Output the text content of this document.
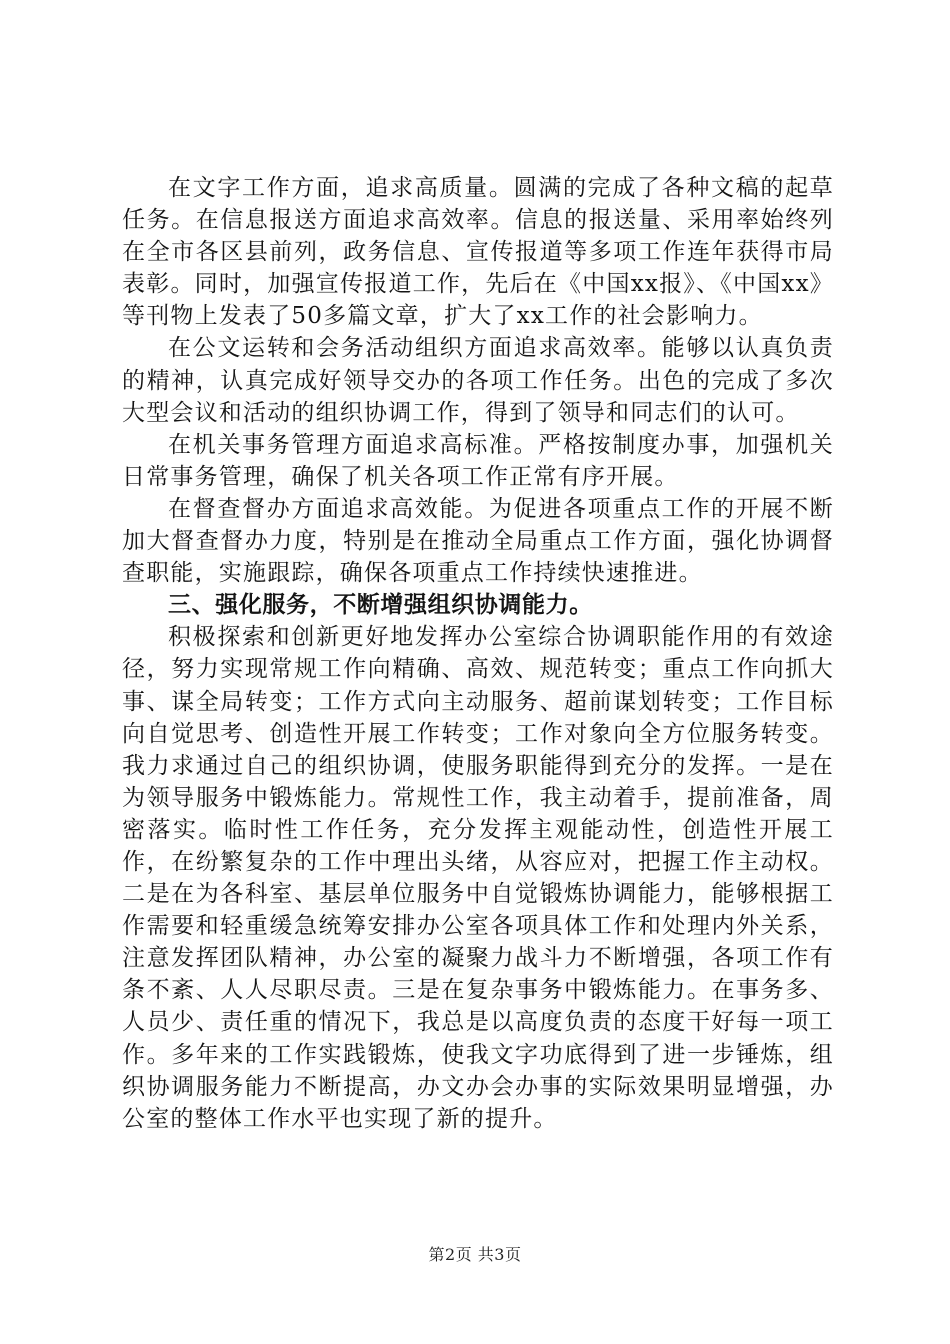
在文字工作方面，追求高质量。圆满的完成了各种文稿的起草任务。在信息报送方面追求高效率。信息的报送量、采用率始终列在全市各区县前列，政务信息、宣传报道等多项工作连年获得市局表彰。同时，加强宣传报道工作，先后在《中国xx报》、《中国xx》等刊物上发表了50多篇文章，扩大了xx工作的社会影响力。

在公文运转和会务活动组织方面追求高效率。能够以认真负责的精神，认真完成好领导交办的各项工作任务。出色的完成了多次大型会议和活动的组织协调工作，得到了领导和同志们的认可。

在机关事务管理方面追求高标准。严格按制度办事，加强机关日常事务管理，确保了机关各项工作正常有序开展。

在督查督办方面追求高效能。为促进各项重点工作的开展不断加大督查督办力度，特别是在推动全局重点工作方面，强化协调督查职能，实施跟踪，确保各项重点工作持续快速推进。

三、强化服务，不断增强组织协调能力。

积极探索和创新更好地发挥办公室综合协调职能作用的有效途径，努力实现常规工作向精确、高效、规范转变；重点工作向抓大事、谋全局转变；工作方式向主动服务、超前谋划转变；工作目标向自觉思考、创造性开展工作转变；工作对象向全方位服务转变。我力求通过自己的组织协调，使服务职能得到充分的发挥。一是在为领导服务中锻炼能力。常规性工作，我主动着手，提前准备，周密落实。临时性工作任务，充分发挥主观能动性，创造性开展工作，在纷繁复杂的工作中理出头绪，从容应对，把握工作主动权。二是在为各科室、基层单位服务中自觉锻炼协调能力，能够根据工作需要和轻重缓急统筹安排办公室各项具体工作和处理内外关系，注意发挥团队精神，办公室的凝聚力战斗力不断增强，各项工作有条不紊、人人尽职尽责。三是在复杂事务中锻炼能力。在事务多、人员少、责任重的情况下，我总是以高度负责的态度干好每一项工作。多年来的工作实践锻炼，使我文字功底得到了进一步锤炼，组织协调服务能力不断提高，办文办会办事的实际效果明显增强，办公室的整体工作水平也实现了新的提升。

第2页 共3页
